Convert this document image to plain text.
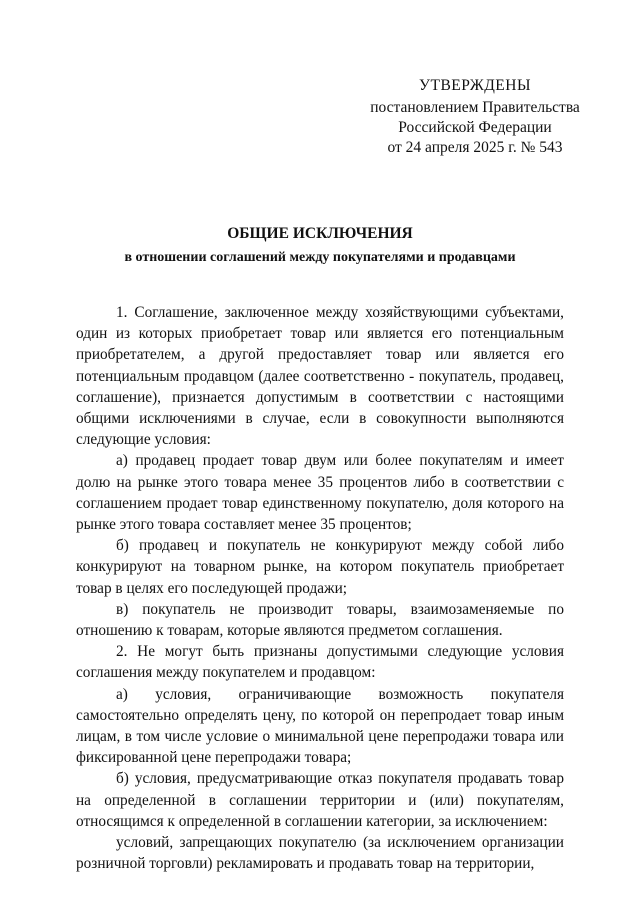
УТВЕРЖДЕНЫ
постановлением Правительства
Российской Федерации
от 24 апреля 2025 г. № 543
ОБЩИЕ ИСКЛЮЧЕНИЯ
в отношении соглашений между покупателями и продавцами

1. Соглашение, заключенное между хозяйствующими субъектами, один из которых приобретает товар или является его потенциальным приобретателем, а другой предоставляет товар или является его потенциальным продавцом (далее соответственно - покупатель, продавец, соглашение), признается допустимым в соответствии с настоящими общими исключениями в случае, если в совокупности выполняются следующие условия:

а) продавец продает товар двум или более покупателям и имеет долю на рынке этого товара менее 35 процентов либо в соответствии с соглашением продает товар единственному покупателю, доля которого на рынке этого товара составляет менее 35 процентов;

б) продавец и покупатель не конкурируют между собой либо конкурируют на товарном рынке, на котором покупатель приобретает товар в целях его последующей продажи;

в) покупатель не производит товары, взаимозаменяемые по отношению к товарам, которые являются предметом соглашения.

2. Не могут быть признаны допустимыми следующие условия соглашения между покупателем и продавцом:

а) условия, ограничивающие возможность покупателя самостоятельно определять цену, по которой он перепродает товар иным лицам, в том числе условие о минимальной цене перепродажи товара или фиксированной цене перепродажи товара;

б) условия, предусматривающие отказ покупателя продавать товар на определенной в соглашении территории и (или) покупателям, относящимся к определенной в соглашении категории, за исключением:

условий, запрещающих покупателю (за исключением организации розничной торговли) рекламировать и продавать товар на территории,
